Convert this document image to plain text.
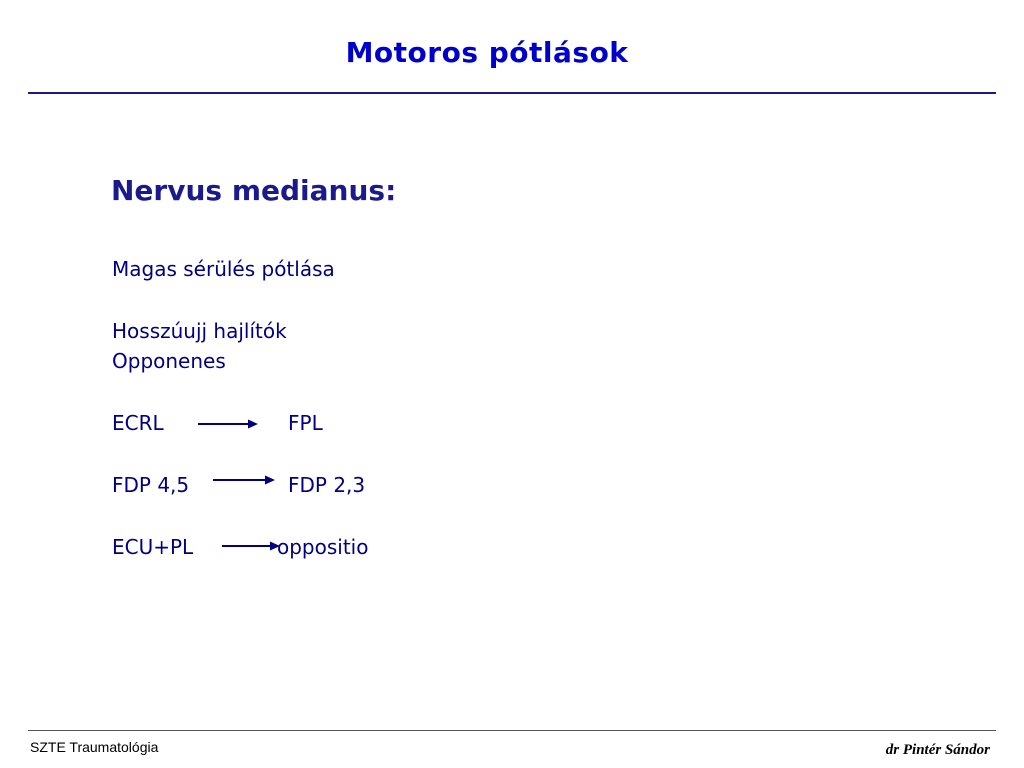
Motoros pótlások
Nervus medianus:
Magas sérülés pótlása
Hosszúujj hajlítók
Opponenes
ECRL	FPL
FDP 4,5	FDP 2,3
ECU+PL	oppositio
SZTE Traumatológia	dr Pintér Sándor
